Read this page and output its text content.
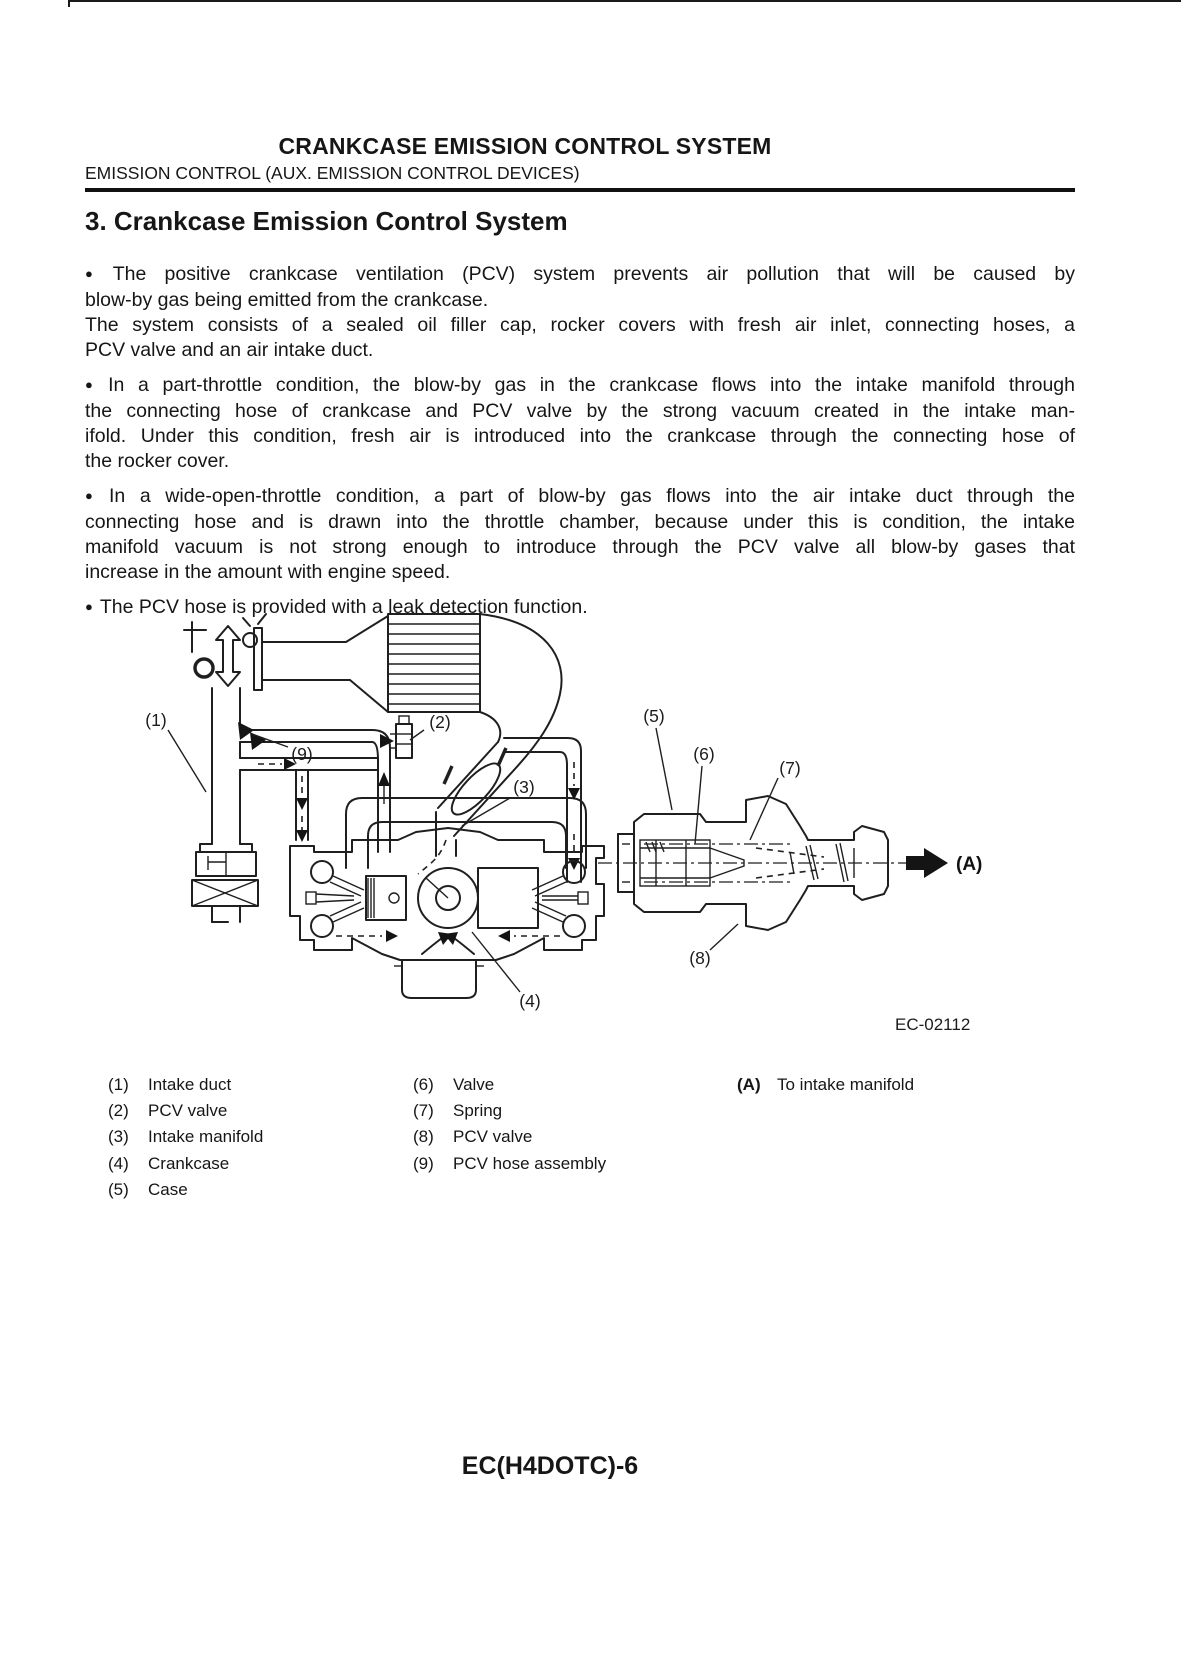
CRANKCASE EMISSION CONTROL SYSTEM
EMISSION CONTROL (AUX. EMISSION CONTROL DEVICES)
3. Crankcase Emission Control System
● The positive crankcase ventilation (PCV) system prevents air pollution that will be caused by
blow-by gas being emitted from the crankcase.
The system consists of a sealed oil filler cap, rocker covers with fresh air inlet, connecting hoses, a
PCV valve and an air intake duct.
● In a part-throttle condition, the blow-by gas in the crankcase flows into the intake manifold through
the connecting hose of crankcase and PCV valve by the strong vacuum created in the intake man-
ifold. Under this condition, fresh air is introduced into the crankcase through the connecting hose of
the rocker cover.
● In a wide-open-throttle condition, a part of blow-by gas flows into the air intake duct through the
connecting hose and is drawn into the throttle chamber, because under this is condition, the intake
manifold vacuum is not strong enough to introduce through the PCV valve all blow-by gases that
increase in the amount with engine speed.
● The PCV hose is provided with a leak detection function.
(1)	(2)
(3)
(4)
(5)
(6)
(7)
(8)
(9)
(A)
EC-02112
(1) Intake duct
(2) PCV valve
(3) Intake manifold
(4) Crankcase
(5) Case
(6) Valve
(7) Spring
(8) PCV valve
(9) PCV hose assembly
(A) To intake manifold
EC(H4DOTC)-6
